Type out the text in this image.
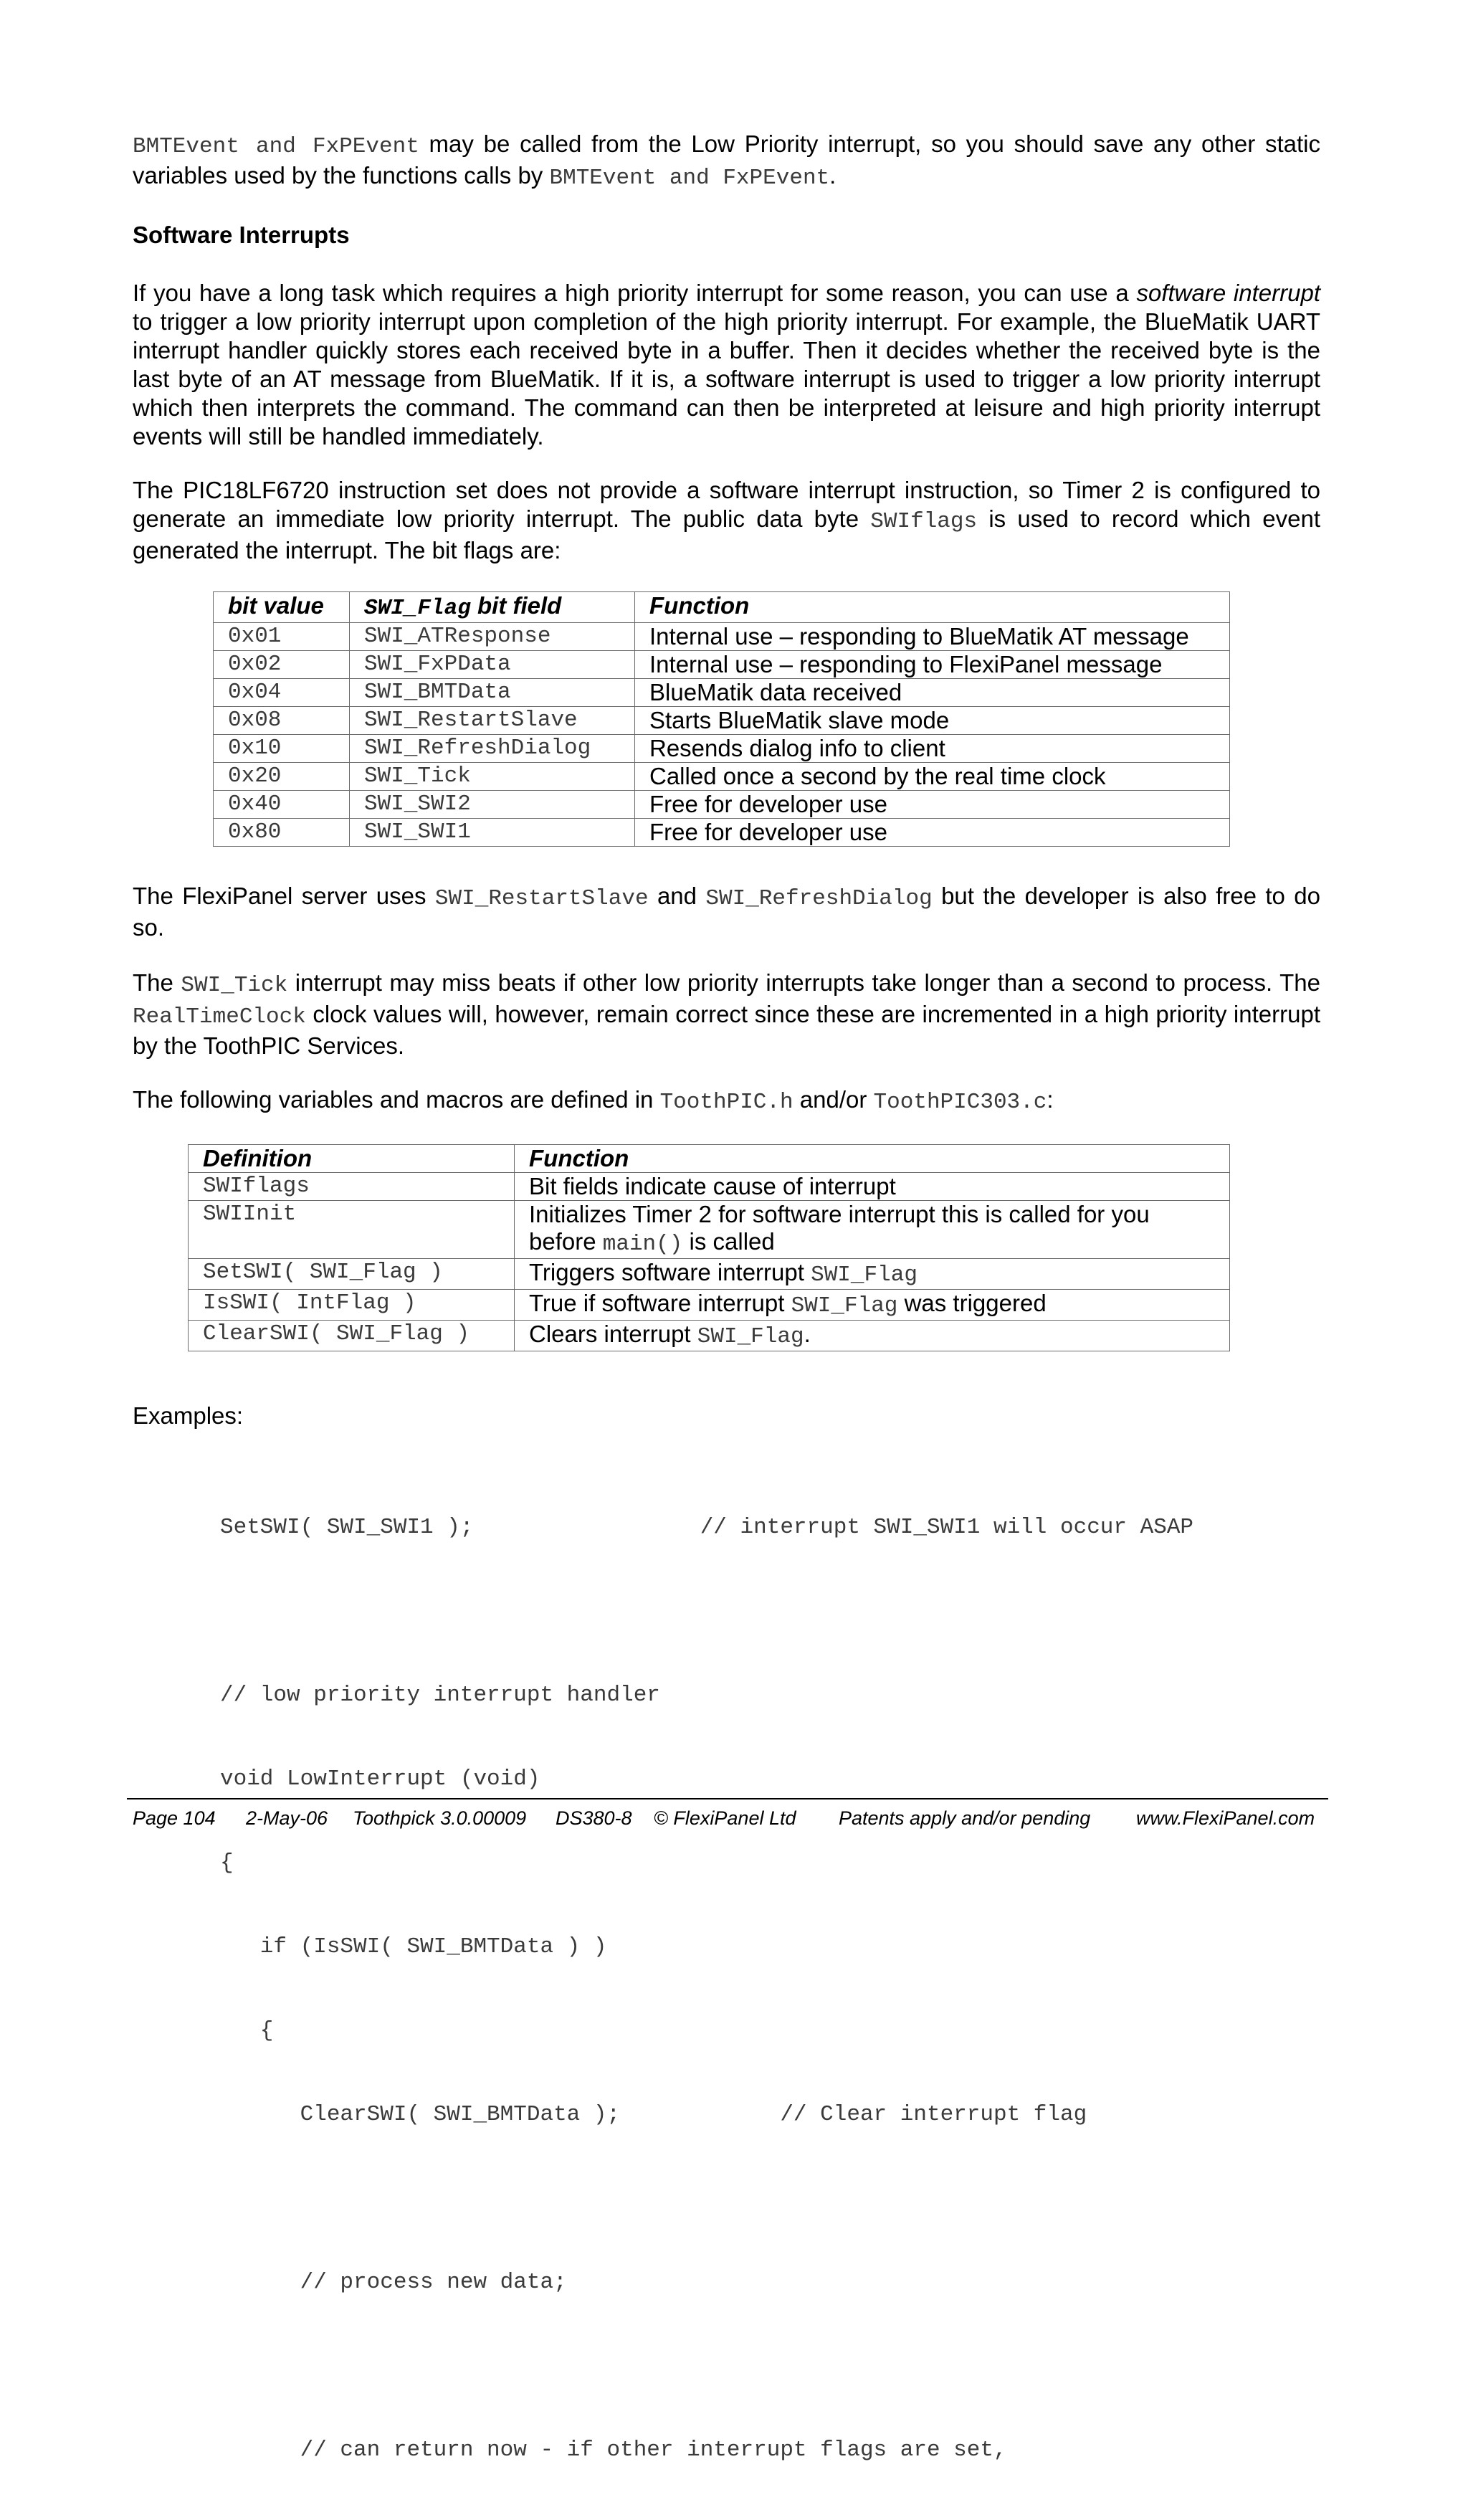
BMTEvent and FxPEvent may be called from the Low Priority interrupt, so you should save any other static variables used by the functions calls by BMTEvent and FxPEvent.

Software Interrupts

If you have a long task which requires a high priority interrupt for some reason, you can use a software interrupt to trigger a low priority interrupt upon completion of the high priority interrupt. For example, the BlueMatik UART interrupt handler quickly stores each received byte in a buffer. Then it decides whether the received byte is the last byte of an AT message from BlueMatik. If it is, a software interrupt is used to trigger a low priority interrupt which then interprets the command. The command can then be interpreted at leisure and high priority interrupt events will still be handled immediately.

The PIC18LF6720 instruction set does not provide a software interrupt instruction, so Timer 2 is configured to generate an immediate low priority interrupt. The public data byte SWIflags is used to record which event generated the interrupt. The bit flags are:

bit value	SWI_Flag bit field	Function
0x01	SWI_ATResponse	Internal use – responding to BlueMatik AT message
0x02	SWI_FxPData	Internal use – responding to FlexiPanel message
0x04	SWI_BMTData	BlueMatik data received
0x08	SWI_RestartSlave	Starts BlueMatik slave mode
0x10	SWI_RefreshDialog	Resends dialog info to client
0x20	SWI_Tick	Called once a second by the real time clock
0x40	SWI_SWI2	Free for developer use
0x80	SWI_SWI1	Free for developer use

The FlexiPanel server uses SWI_RestartSlave and SWI_RefreshDialog but the developer is also free to do so.

The SWI_Tick interrupt may miss beats if other low priority interrupts take longer than a second to process. The RealTimeClock clock values will, however, remain correct since these are incremented in a high priority interrupt by the ToothPIC Services.

The following variables and macros are defined in ToothPIC.h and/or ToothPIC303.c:

Definition	Function
SWIflags	Bit fields indicate cause of interrupt
SWIInit	Initializes Timer 2 for software interrupt this is called for you before main() is called
SetSWI( SWI_Flag )	Triggers software interrupt SWI_Flag
IsSWI( IntFlag )	True if software interrupt SWI_Flag was triggered
ClearSWI( SWI_Flag )	Clears interrupt SWI_Flag.

Examples:

SetSWI( SWI_SWI1 );                 // interrupt SWI_SWI1 will occur ASAP

// low priority interrupt handler

void LowInterrupt (void)

{

if (IsSWI( SWI_BMTData ) )

{

ClearSWI( SWI_BMTData );            // Clear interrupt flag

// process new data;

// can return now - if other interrupt flags are set,

Page 104 2-May-06 Toothpick 3.0.00009 DS380-8 © FlexiPanel Ltd Patents apply and/or pending www.FlexiPanel.com
